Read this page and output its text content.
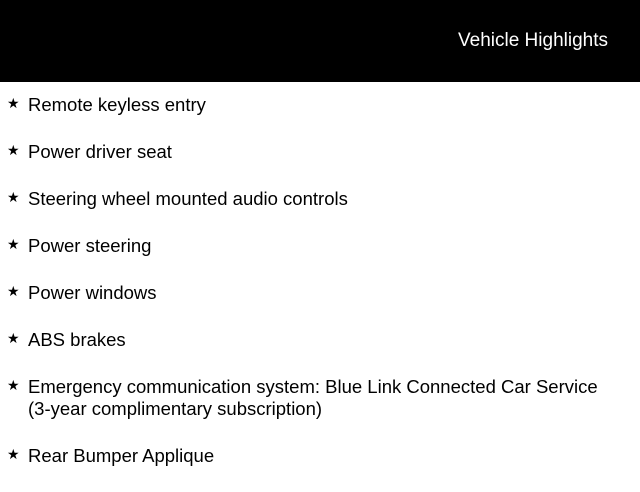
Vehicle Highlights
★ Remote keyless entry
★ Power driver seat
★ Steering wheel mounted audio controls
★ Power steering
★ Power windows
★ ABS brakes
★ Emergency communication system: Blue Link Connected Car Service (3-year complimentary subscription)
★ Rear Bumper Applique
